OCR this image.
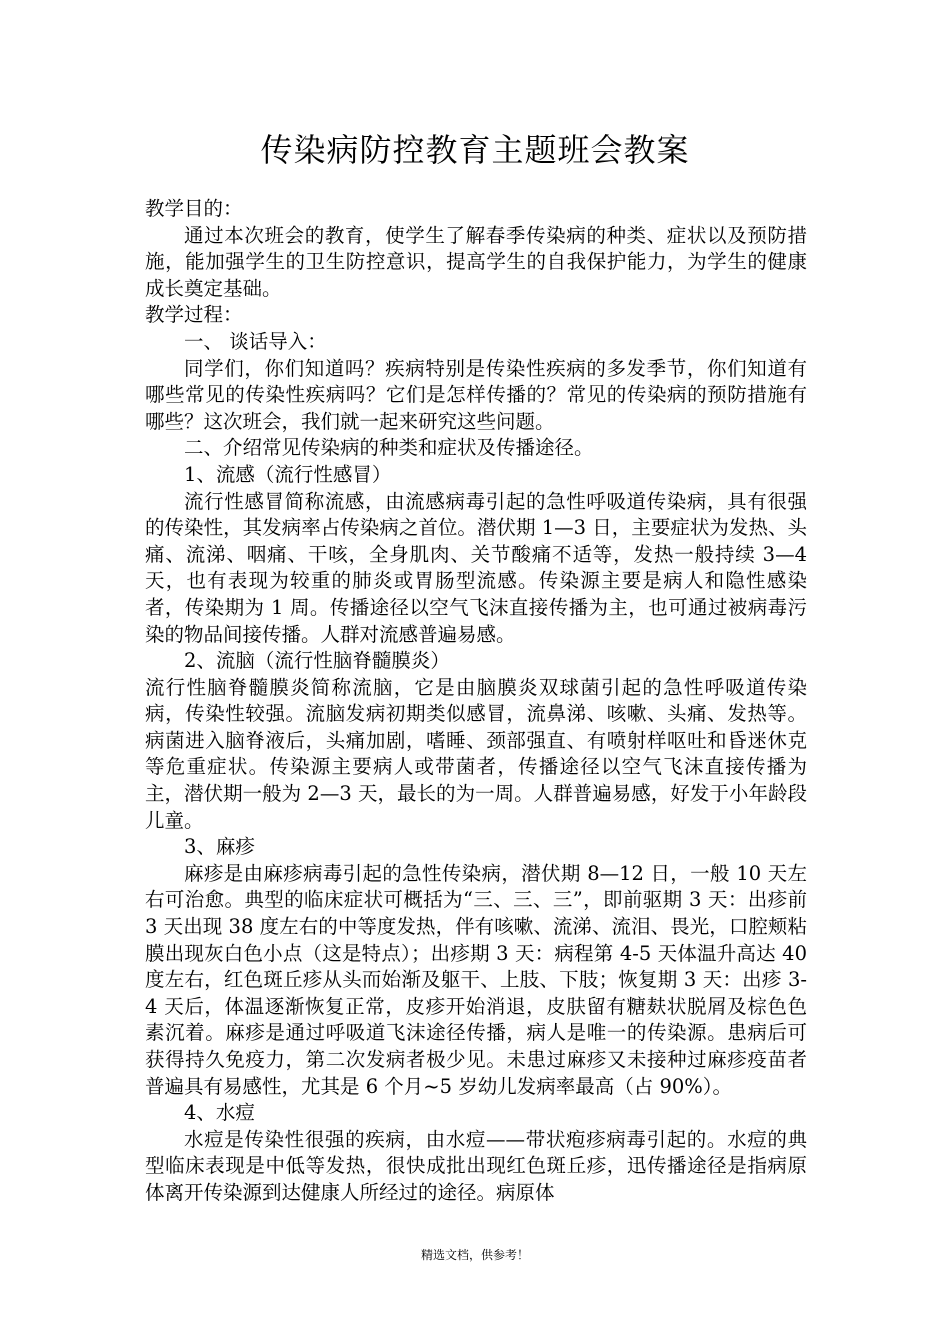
传染病防控教育主题班会教案

教学目的：

通过本次班会的教育，使学生了解春季传染病的种类、症状以及预防措施，能加强学生的卫生防控意识，提高学生的自我保护能力，为学生的健康成长奠定基础。

教学过程：

一、 谈话导入：

同学们，你们知道吗？疾病特别是传染性疾病的多发季节，你们知道有哪些常见的传染性疾病吗？它们是怎样传播的？常见的传染病的预防措施有哪些？这次班会，我们就一起来研究这些问题。

二、介绍常见传染病的种类和症状及传播途径。

1、流感（流行性感冒）

流行性感冒简称流感，由流感病毒引起的急性呼吸道传染病，具有很强的传染性，其发病率占传染病之首位。潜伏期 1—3 日，主要症状为发热、头痛、流涕、咽痛、干咳，全身肌肉、关节酸痛不适等，发热一般持续 3—4 天，也有表现为较重的肺炎或胃肠型流感。传染源主要是病人和隐性感染者，传染期为 1 周。传播途径以空气飞沫直接传播为主，也可通过被病毒污染的物品间接传播。人群对流感普遍易感。

2、流脑（流行性脑脊髓膜炎）

流行性脑脊髓膜炎简称流脑，它是由脑膜炎双球菌引起的急性呼吸道传染病，传染性较强。流脑发病初期类似感冒，流鼻涕、咳嗽、头痛、发热等。病菌进入脑脊液后，头痛加剧，嗜睡、颈部强直、有喷射样呕吐和昏迷休克等危重症状。传染源主要病人或带菌者，传播途径以空气飞沫直接传播为主，潜伏期一般为 2—3 天，最长的为一周。人群普遍易感，好发于小年龄段儿童。

3、麻疹

麻疹是由麻疹病毒引起的急性传染病，潜伏期 8—12 日，一般 10 天左右可治愈。典型的临床症状可概括为“三、三、三”，即前驱期 3 天：出疹前 3 天出现 38 度左右的中等度发热，伴有咳嗽、流涕、流泪、畏光，口腔颊粘膜出现灰白色小点（这是特点）；出疹期 3 天：病程第 4-5 天体温升高达 40 度左右，红色斑丘疹从头而始渐及躯干、上肢、下肢；恢复期 3 天：出疹 3-4 天后，体温逐渐恢复正常，皮疹开始消退，皮肤留有糖麸状脱屑及棕色色素沉着。麻疹是通过呼吸道飞沫途径传播，病人是唯一的传染源。患病后可获得持久免疫力，第二次发病者极少见。未患过麻疹又未接种过麻疹疫苗者普遍具有易感性，尤其是 6 个月~5 岁幼儿发病率最高（占 90%）。

4、水痘

水痘是传染性很强的疾病，由水痘——带状疱疹病毒引起的。水痘的典型临床表现是中低等发热，很快成批出现红色斑丘疹，迅传播途径是指病原体离开传染源到达健康人所经过的途径。病原体

精选文档，供参考！
